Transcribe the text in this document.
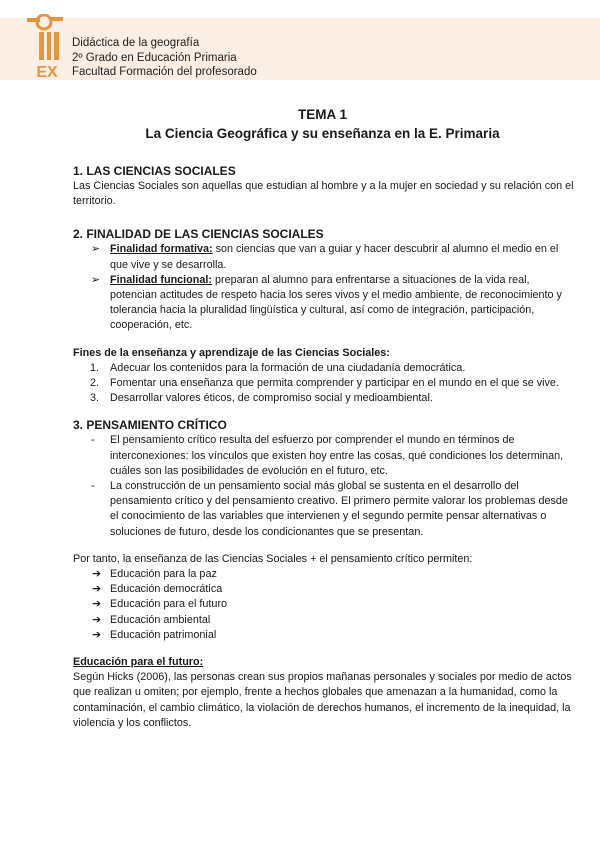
EX
Didáctica de la geografía
2º Grado en Educación Primaria
Facultad Formación del profesorado
TEMA 1
La Ciencia Geográfica y su enseñanza en la E. Primaria
1. LAS CIENCIAS SOCIALES

Las Ciencias Sociales son aquellas que estudian al hombre y a la mujer en sociedad y su relación con el territorio.

2. FINALIDAD DE LAS CIENCIAS SOCIALES
➢ Finalidad formativa: son ciencias que van a guiar y hacer descubrir al alumno el medio en el que vive y se desarrolla.
➢ Finalidad funcional: preparan al alumno para enfrentarse a situaciones de la vida real, potencian actitudes de respeto hacia los seres vivos y el medio ambiente, de reconocimiento y tolerancia hacia la pluralidad lingüística y cultural, así como de integración, participación, cooperación, etc.

Fines de la enseñanza y aprendizaje de las Ciencias Sociales:

1. Adecuar los contenidos para la formación de una ciudadanía democrática.
2. Fomentar una enseñanza que permita comprender y participar en el mundo en el que se vive.
3. Desarrollar valores éticos, de compromiso social y medioambiental.
3. PENSAMIENTO CRÍTICO
- El pensamiento crítico resulta del esfuerzo por comprender el mundo en términos de interconexiones: los vínculos que existen hoy entre las cosas, qué condiciones los determinan, cuáles son las posibilidades de evolución en el futuro, etc.
- La construcción de un pensamiento social más global se sustenta en el desarrollo del pensamiento crítico y del pensamiento creativo. El primero permite valorar los problemas desde el conocimiento de las variables que intervienen y el segundo permite pensar alternativas o soluciones de futuro, desde los condicionantes que se presentan.

Por tanto, la enseñanza de las Ciencias Sociales + el pensamiento crítico permiten:

➔ Educación para la paz
➔ Educación democrática
➔ Educación para el futuro
➔ Educación ambiental
➔ Educación patrimonial

Educación para el futuro:

Según Hicks (2006), las personas crean sus propios mañanas personales y sociales por medio de actos que realizan u omiten; por ejemplo, frente a hechos globales que amenazan a la humanidad, como la contaminación, el cambio climático, la violación de derechos humanos, el incremento de la inequidad, la violencia y los conflictos.
